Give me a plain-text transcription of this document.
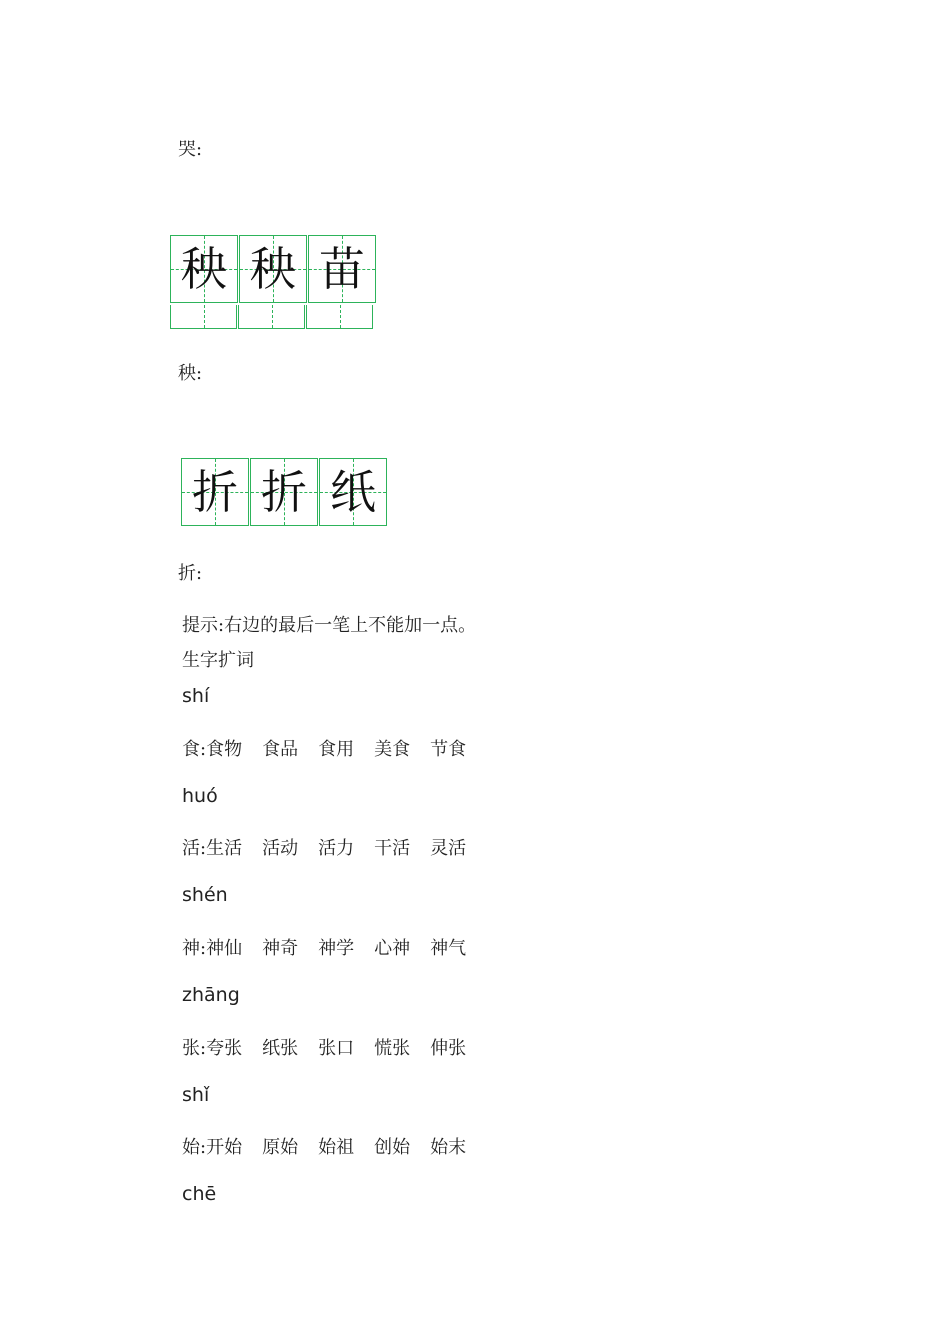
哭:
秧 秧 苗
秧:
折 折 纸
折:
提示:右边的最后一笔上不能加一点。
生字扩词
shí
食:食物 食品 食用 美食 节食
huó
活:生活 活动 活力 干活 灵活
shén
神:神仙 神奇 神学 心神 神气
zhāng
张:夸张 纸张 张口 慌张 伸张
shǐ
始:开始 原始 始祖 创始 始末
chē
